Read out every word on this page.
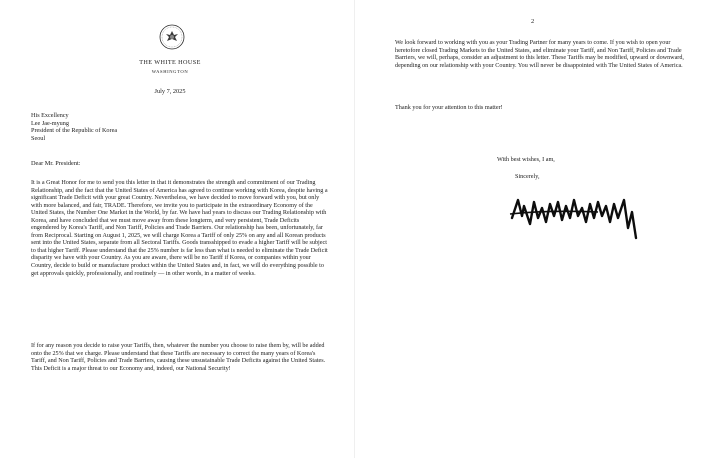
THE WHITE HOUSE
WASHINGTON
July 7, 2025
His Excellency
Lee Jae-myung
President of the Republic of Korea
Seoul
Dear Mr. President:
It is a Great Honor for me to send you this letter in that it demonstrates the strength and commitment of our Trading Relationship, and the fact that the United States of America has agreed to continue working with Korea, despite having a significant Trade Deficit with your great Country. Nevertheless, we have decided to move forward with you, but only with more balanced, and fair, TRADE. Therefore, we invite you to participate in the extraordinary Economy of the United States, the Number One Market in the World, by far. We have had years to discuss our Trading Relationship with Korea, and have concluded that we must move away from these longterm, and very persistent, Trade Deficits engendered by Korea's Tariff, and Non Tariff, Policies and Trade Barriers. Our relationship has been, unfortunately, far from Reciprocal. Starting on August 1, 2025, we will charge Korea a Tariff of only 25% on any and all Korean products sent into the United States, separate from all Sectoral Tariffs. Goods transshipped to evade a higher Tariff will be subject to that higher Tariff. Please understand that the 25% number is far less than what is needed to eliminate the Trade Deficit disparity we have with your Country. As you are aware, there will be no Tariff if Korea, or companies within your Country, decide to build or manufacture product within the United States and, in fact, we will do everything possible to get approvals quickly, professionally, and routinely — in other words, in a matter of weeks.
If for any reason you decide to raise your Tariffs, then, whatever the number you choose to raise them by, will be added onto the 25% that we charge. Please understand that these Tariffs are necessary to correct the many years of Korea's Tariff, and Non Tariff, Policies and Trade Barriers, causing these unsustainable Trade Deficits against the United States. This Deficit is a major threat to our Economy and, indeed, our National Security!
2
We look forward to working with you as your Trading Partner for many years to come. If you wish to open your heretofore closed Trading Markets to the United States, and eliminate your Tariff, and Non Tariff, Policies and Trade Barriers, we will, perhaps, consider an adjustment to this letter. These Tariffs may be modified, upward or downward, depending on our relationship with your Country. You will never be disappointed with The United States of America.
Thank you for your attention to this matter!
With best wishes, I am,
Sincerely,
